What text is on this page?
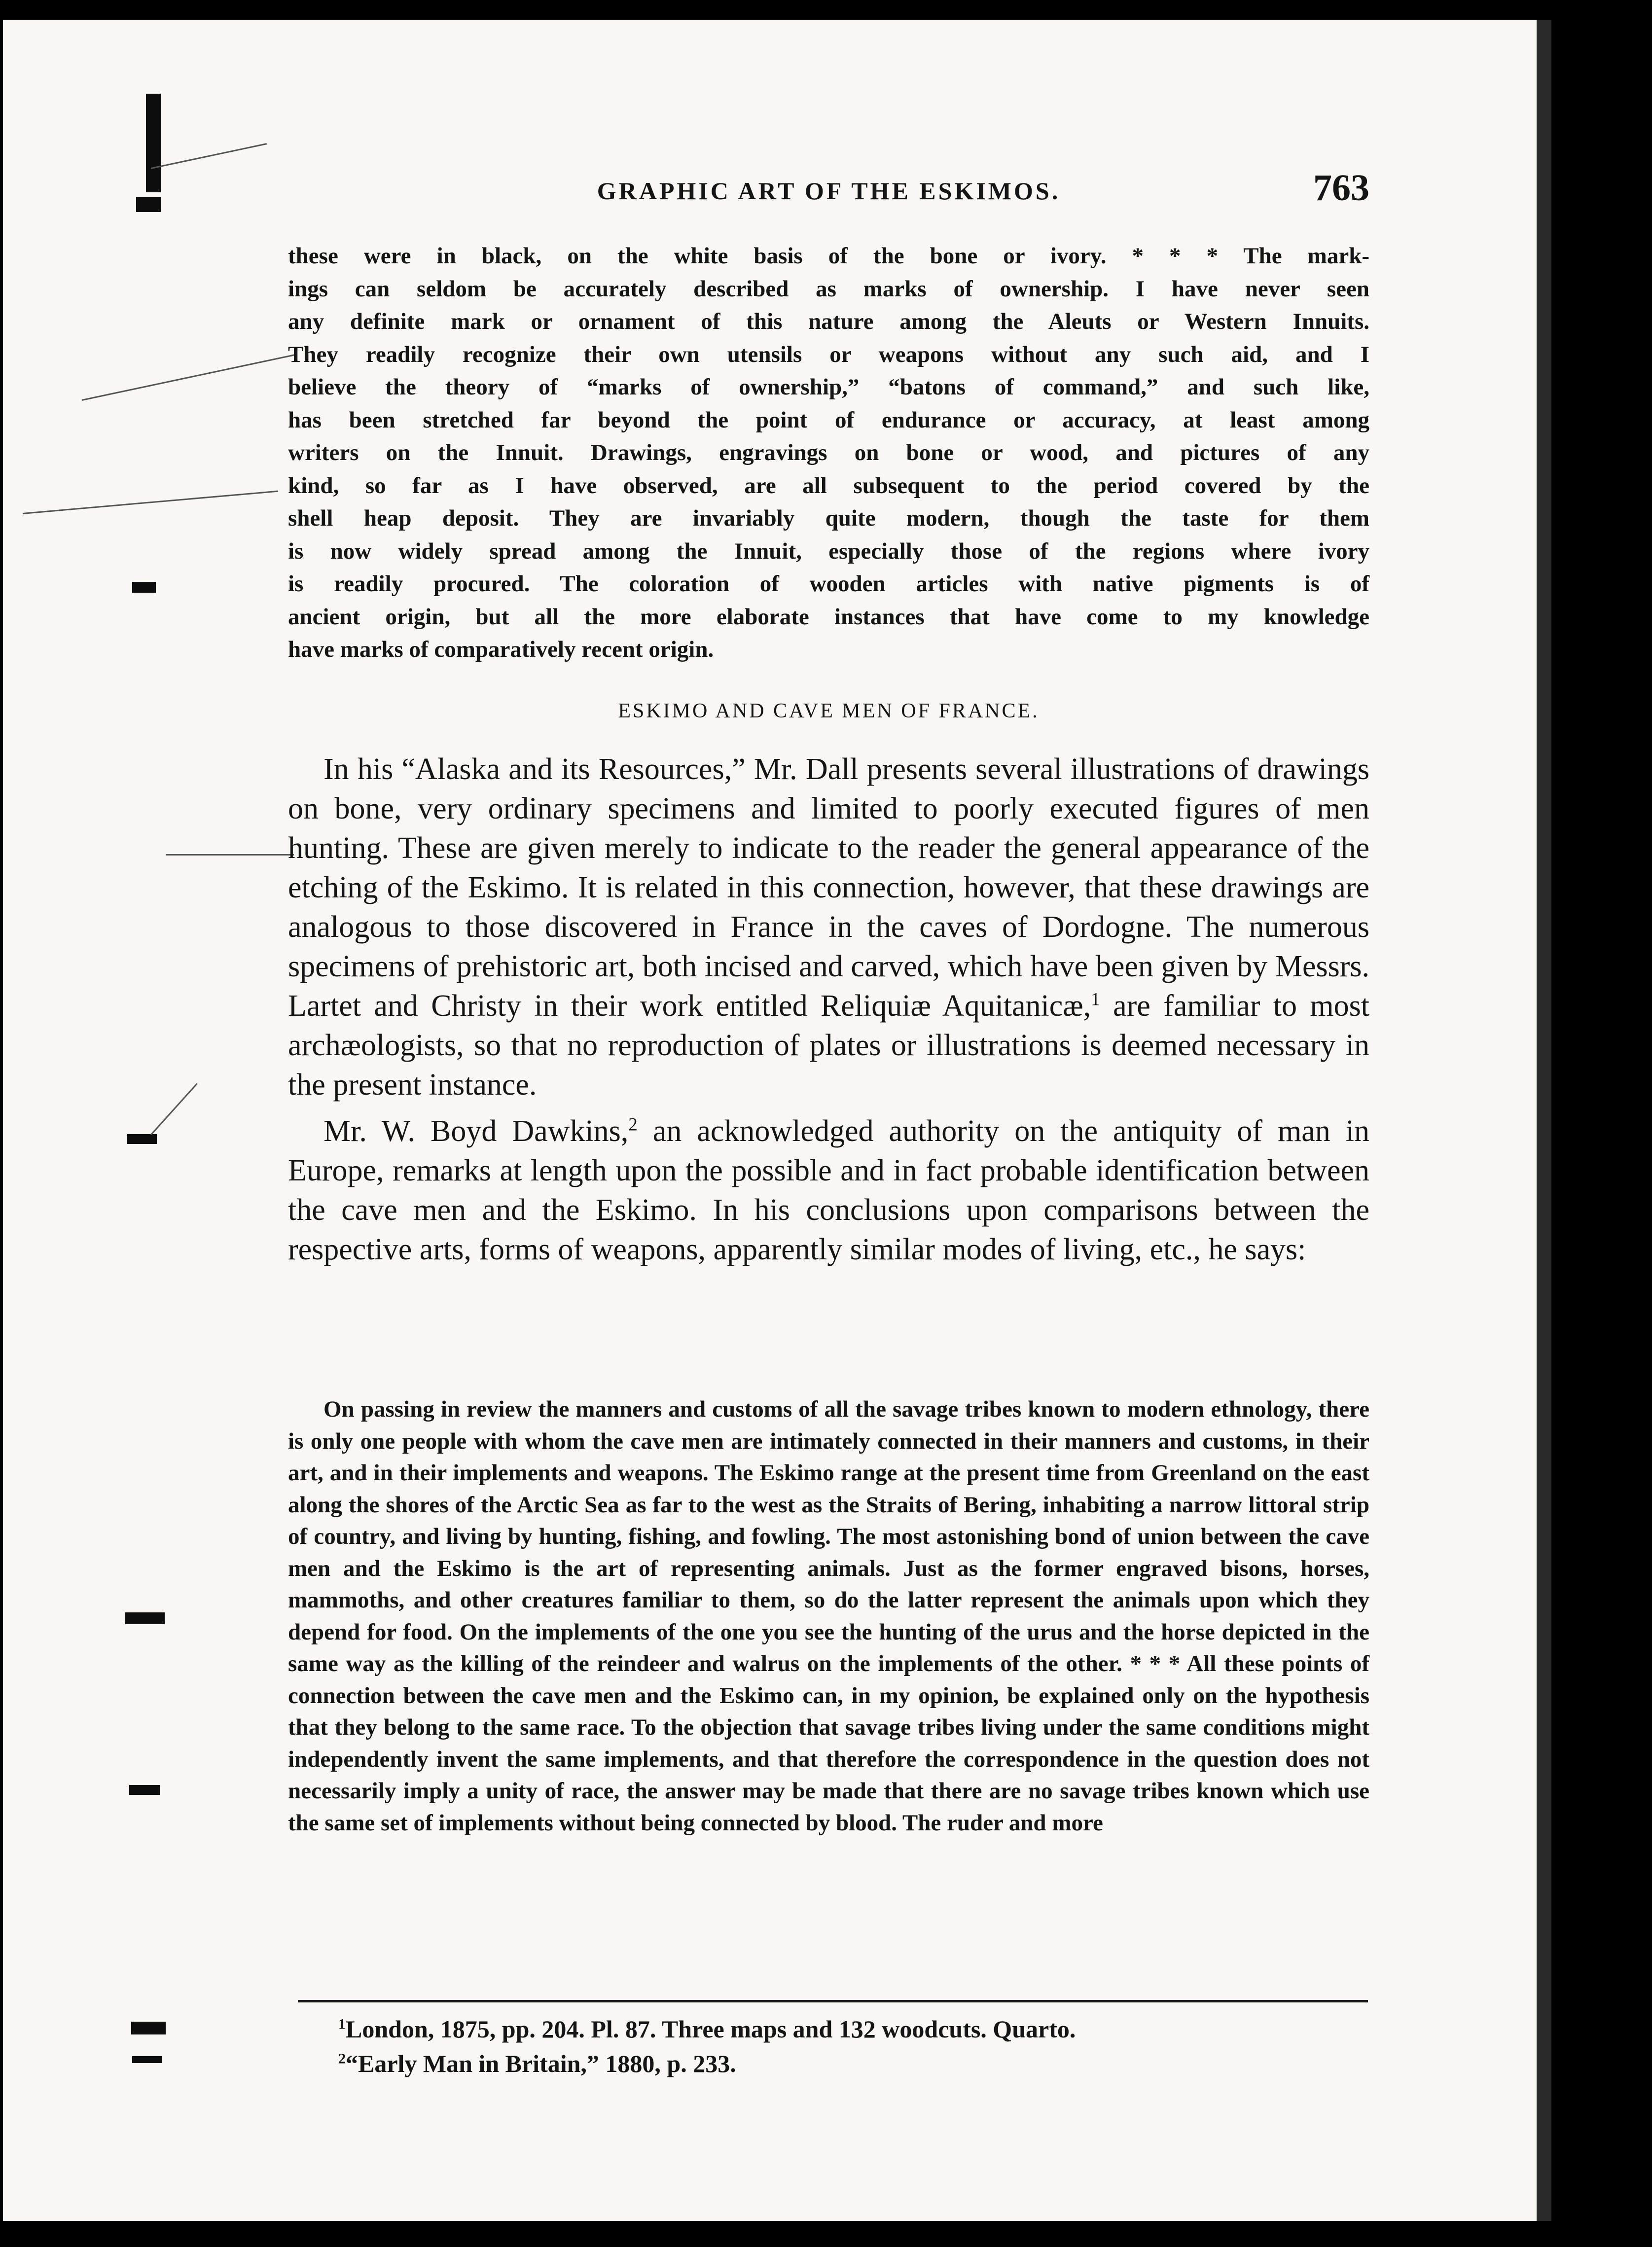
GRAPHIC ART OF THE ESKIMOS.	763

these were in black, on the white basis of the bone or ivory. * * * The mark-

ings can seldom be accurately described as marks of ownership. I have never seen

any definite mark or ornament of this nature among the Aleuts or Western Innuits.

They readily recognize their own utensils or weapons without any such aid, and I

believe the theory of “marks of ownership,” “batons of command,” and such like,

has been stretched far beyond the point of endurance or accuracy, at least among

writers on the Innuit. Drawings, engravings on bone or wood, and pictures of any

kind, so far as I have observed, are all subsequent to the period covered by the

shell heap deposit. They are invariably quite modern, though the taste for them

is now widely spread among the Innuit, especially those of the regions where ivory

is readily procured. The coloration of wooden articles with native pigments is of

ancient origin, but all the more elaborate instances that have come to my knowledge

have marks of comparatively recent origin.

ESKIMO AND CAVE MEN OF FRANCE.

In his “Alaska and its Resources,” Mr. Dall presents several illustrations of drawings on bone, very ordinary specimens and limited to poorly executed figures of men hunting. These are given merely to indicate to the reader the general appearance of the etching of the Eskimo. It is related in this connection, however, that these drawings are analogous to those discovered in France in the caves of Dordogne. The numerous specimens of prehistoric art, both incised and carved, which have been given by Messrs. Lartet and Christy in their work entitled Reliquiæ Aquitanicæ,$^1$ are familiar to most archæologists, so that no reproduction of plates or illustrations is deemed necessary in the present instance.

Mr. W. Boyd Dawkins,$^2$ an acknowledged authority on the antiquity of man in Europe, remarks at length upon the possible and in fact probable identification between the cave men and the Eskimo. In his conclusions upon comparisons between the respective arts, forms of weapons, apparently similar modes of living, etc., he says:

On passing in review the manners and customs of all the savage tribes known to modern ethnology, there is only one people with whom the cave men are intimately connected in their manners and customs, in their art, and in their implements and weapons. The Eskimo range at the present time from Greenland on the east along the shores of the Arctic Sea as far to the west as the Straits of Bering, inhabiting a narrow littoral strip of country, and living by hunting, fishing, and fowling. The most astonishing bond of union between the cave men and the Eskimo is the art of representing animals. Just as the former engraved bisons, horses, mammoths, and other creatures familiar to them, so do the latter represent the animals upon which they depend for food. On the implements of the one you see the hunting of the urus and the horse depicted in the same way as the killing of the reindeer and walrus on the implements of the other. * * * All these points of connection between the cave men and the Eskimo can, in my opinion, be explained only on the hypothesis that they belong to the same race. To the objection that savage tribes living under the same conditions might independently invent the same implements, and that therefore the correspondence in the question does not necessarily imply a unity of race, the answer may be made that there are no savage tribes known which use the same set of implements without being connected by blood. The ruder and more

$^1$London, 1875, pp. 204. Pl. 87. Three maps and 132 woodcuts. Quarto.

$^2$“Early Man in Britain,” 1880, p. 233.
